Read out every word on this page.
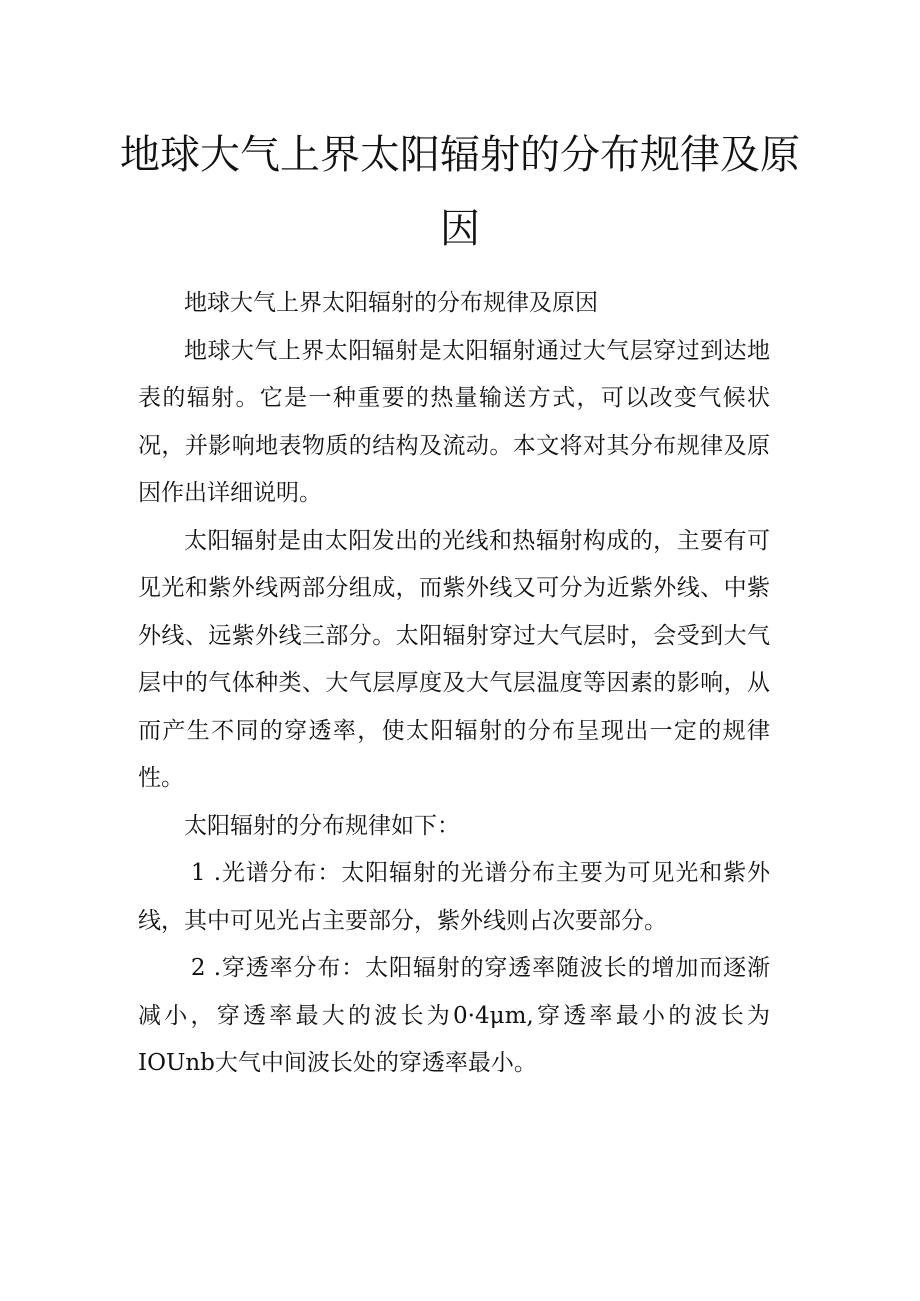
地球大气上界太阳辐射的分布规律及原因

地球大气上界太阳辐射的分布规律及原因

地球大气上界太阳辐射是太阳辐射通过大气层穿过到达地表的辐射。它是一种重要的热量输送方式，可以改变气候状况，并影响地表物质的结构及流动。本文将对其分布规律及原因作出详细说明。

太阳辐射是由太阳发出的光线和热辐射构成的，主要有可见光和紫外线两部分组成，而紫外线又可分为近紫外线、中紫外线、远紫外线三部分。太阳辐射穿过大气层时，会受到大气层中的气体种类、大气层厚度及大气层温度等因素的影响，从而产生不同的穿透率，使太阳辐射的分布呈现出一定的规律性。

太阳辐射的分布规律如下：

1 .光谱分布：太阳辐射的光谱分布主要为可见光和紫外线，其中可见光占主要部分，紫外线则占次要部分。

2 .穿透率分布：太阳辐射的穿透率随波长的增加而逐渐减小，穿透率最大的波长为0·4μm,穿透率最小的波长为IOUnb大气中间波长处的穿透率最小。
